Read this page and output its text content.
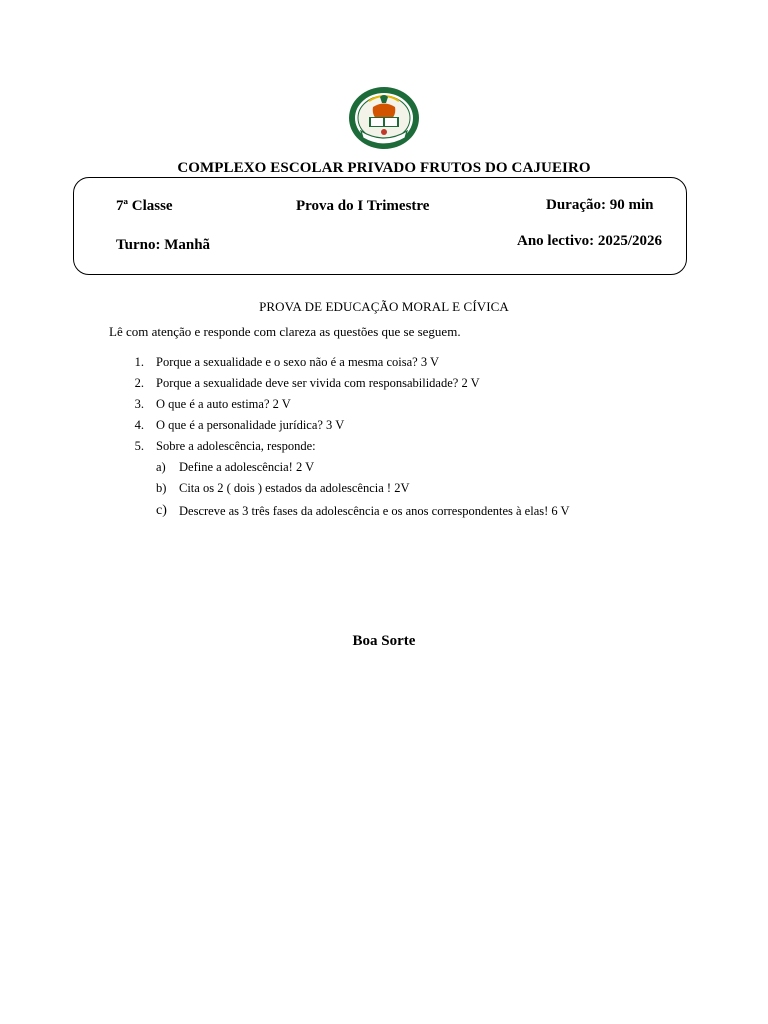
COMPLEXO ESCOLAR PRIVADO FRUTOS DO CAJUEIRO
7ª Classe	Prova do I Trimestre	Duração: 90 min
Turno: Manhã	Ano lectivo: 2025/2026
PROVA DE EDUCAÇÃO MORAL E CÍVICA
Lê com atenção e responde com clareza as questões que se seguem.
1. Porque a sexualidade e o sexo não é a mesma coisa? 3 V
2. Porque a sexualidade deve ser vivida com responsabilidade? 2 V
3. O que é a auto estima? 2 V
4. O que é a personalidade jurídica? 3 V
5. Sobre a adolescência, responde:
a) Define a adolescência! 2 V
b) Cita os 2 ( dois ) estados da adolescência ! 2V
c) Descreve as 3 três fases da adolescência e os anos correspondentes à elas! 6 V
Boa Sorte
